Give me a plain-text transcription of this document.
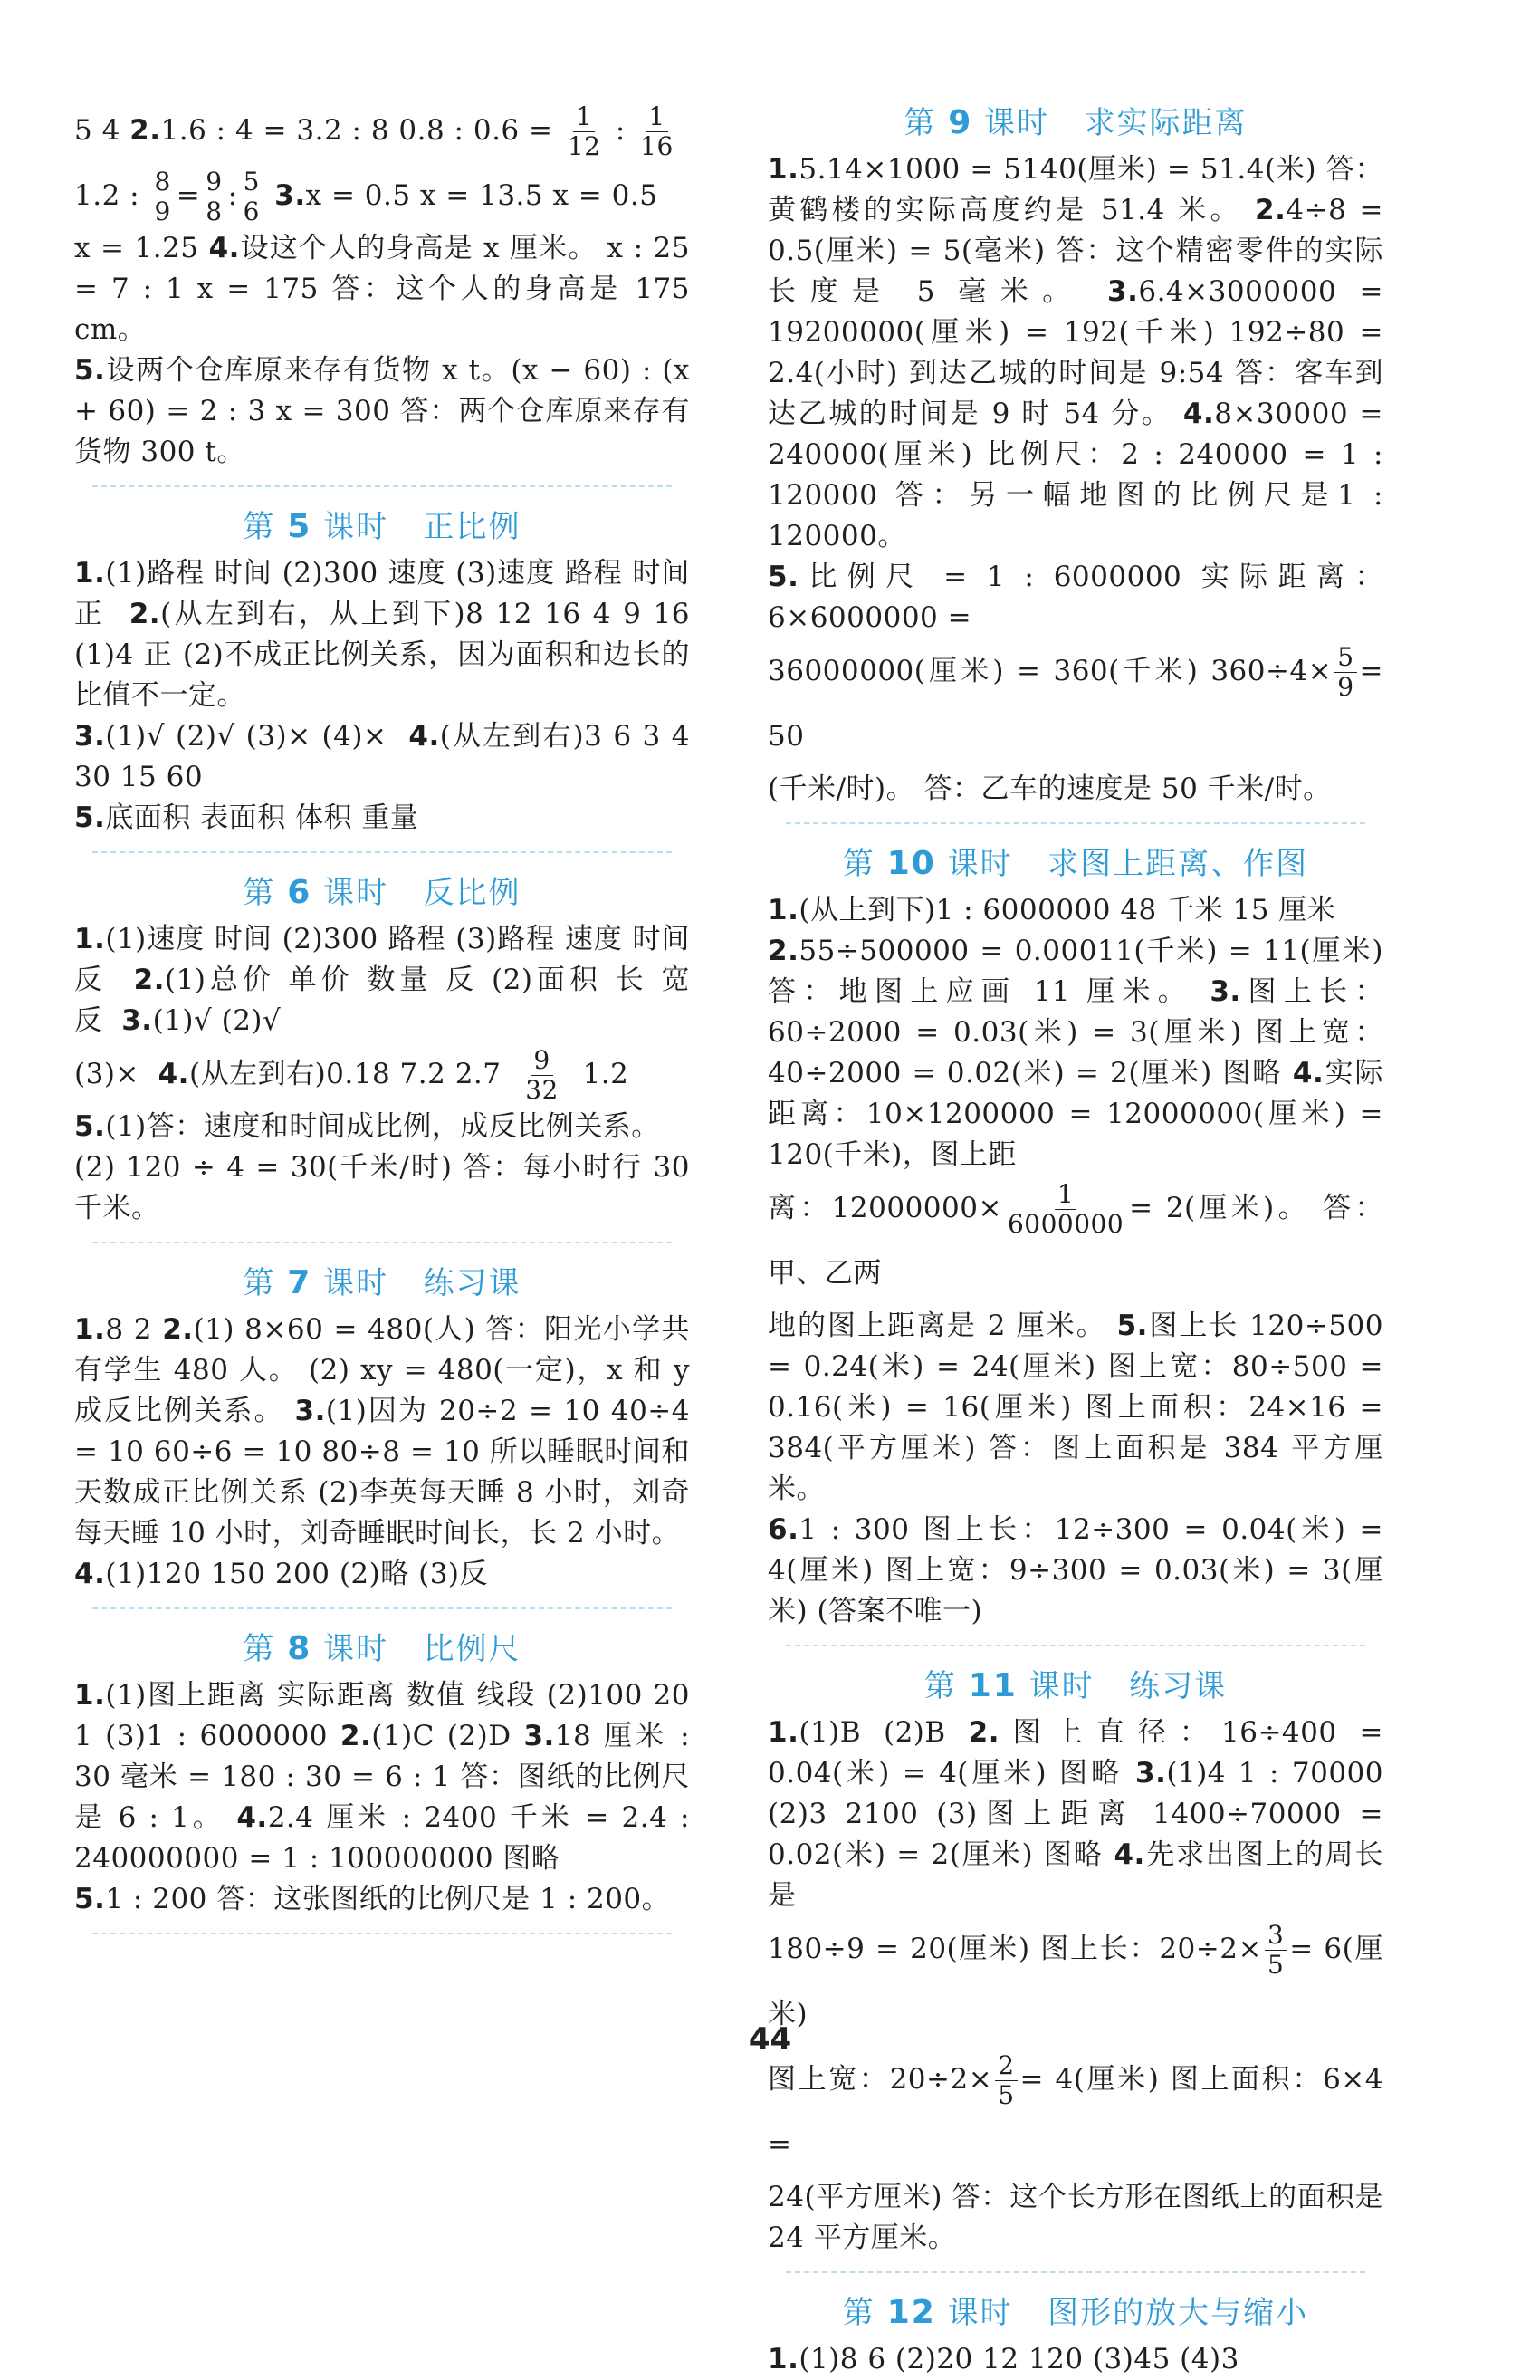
5 4 2.1.6 : 4 = 3.2 : 8 0.8 : $0.6 = \frac{1}{12}$ : $\frac{1}{16}$

1.2 : $\frac{8}{9} = \frac{9}{8}$ : $\frac{5}{6} 3.x = 0.5$ x = 13.5 x = 0.5

x = 1.25 4.设这个人的身高是 x 厘米。 x : 25 = 7 : 1 x = 175 答：这个人的身高是 175 cm。

5.设两个仓库原来存有货物 x t。(x − 60) : (x + 60) = 2 : 3 x = 300 答：两个仓库原来存有货物 300 t。

第 5 课时 正比例

1.(1)路程 时间 (2)300 速度 (3)速度 路程 时间 正 2.(从左到右，从上到下)8 12 16 4 9 16 (1)4 正 (2)不成正比例关系，因为面积和边长的比值不一定。

3.(1)√ (2)√ (3)× (4)× 4.(从左到右)3 6 3 4 30 15 60

5.底面积 表面积 体积 重量

第 6 课时 反比例

1.(1)速度 时间 (2)300 路程 (3)路程 速度 时间 反 2.(1)总价 单价 数量 反 (2)面积 长 宽 反 3.(1)√ (2)√

(3)× 4.(从左到右)0.18 7.2 $2.7 \frac{9}{32} 1.2$

5.(1)答：速度和时间成比例，成反比例关系。

(2) 120 ÷ 4 = 30(千米/时) 答：每小时行 30 千米。

第 7 课时 练习课

1.8 2 2.(1) 8×60 = 480(人) 答：阳光小学共有学生 480 人。 (2) xy = 480(一定)，x 和 y 成反比例关系。 3.(1)因为 20÷2 = 10 40÷4 = 10 60÷6 = 10 80÷8 = 10 所以睡眠时间和天数成正比例关系 (2)李英每天睡 8 小时，刘奇每天睡 10 小时，刘奇睡眠时间长，长 2 小时。

4.(1)120 150 200 (2)略 (3)反

第 8 课时 比例尺

1.(1)图上距离 实际距离 数值 线段 (2)100 20 1 (3)1 : 6000000 2.(1)C (2)D 3.18 厘米 : 30 毫米 = 180 : 30 = 6 : 1 答：图纸的比例尺是 6 : 1。 4.2.4 厘米 : 2400 千米 = 2.4 : 240000000 = 1 : 100000000 图略

5.1 : 200 答：这张图纸的比例尺是 1 : 200。

第 9 课时 求实际距离

1.5.14×1000 = 5140(厘米) = 51.4(米) 答：黄鹤楼的实际高度约是 51.4 米。 2.4÷8 = 0.5(厘米) = 5(毫米) 答：这个精密零件的实际长度是 5 毫米。 3.6.4×3000000 = 19200000(厘米) = 192(千米) 192÷80 = 2.4(小时) 到达乙城的时间是 9:54 答：客车到达乙城的时间是 9 时 54 分。 4.8×30000 = 240000(厘米) 比例尺：2 : 240000 = 1 : 120000 答：另一幅地图的比例尺是1 : 120000。

5.比例尺 = 1 : 6000000 实际距离：6×6000000 =

36000000(厘米) = 360(千米) $360\div 4\times \frac{5}{9} = 50$

(千米/时)。 答：乙车的速度是 50 千米/时。

第 10 课时 求图上距离、作图

1.(从上到下)1 : 6000000 48 千米 15 厘米

2.55÷500000 = 0.00011(千米) = 11(厘米) 答：地图上应画 11 厘米。 3.图上长：60÷2000 = 0.03(米) = 3(厘米) 图上宽：40÷2000 = 0.02(米) = 2(厘米) 图略 4.实际距离：10×1200000 = 12000000(厘米) = 120(千米)，图上距

离：$12000000\times \frac{1}{6000000} = 2$(厘米)。 答：甲、乙两

地的图上距离是 2 厘米。 5.图上长 120÷500 = 0.24(米) = 24(厘米) 图上宽：80÷500 = 0.16(米) = 16(厘米) 图上面积：24×16 = 384(平方厘米) 答：图上面积是 384 平方厘米。

6.1 : 300 图上长：12÷300 = 0.04(米) = 4(厘米) 图上宽：9÷300 = 0.03(米) = 3(厘米) (答案不唯一)

第 11 课时 练习课

1.(1)B (2)B 2.图上直径：16÷400 = 0.04(米) = 4(厘米) 图略 3.(1)4 1 : 70000 (2)3 2100 (3)图上距离 1400÷70000 = 0.02(米) = 2(厘米) 图略 4.先求出图上的周长是

180÷9 = 20(厘米) 图上长：$20\div 2\times \frac{3}{5} = 6$(厘米)

图上宽：$20\div 2\times \frac{2}{5} = 4$(厘米) 图上面积：6×4 =

24(平方厘米) 答：这个长方形在图纸上的面积是 24 平方厘米。

第 12 课时 图形的放大与缩小

1.(1)8 6 (2)20 12 120 (3)45 (4)3

44
